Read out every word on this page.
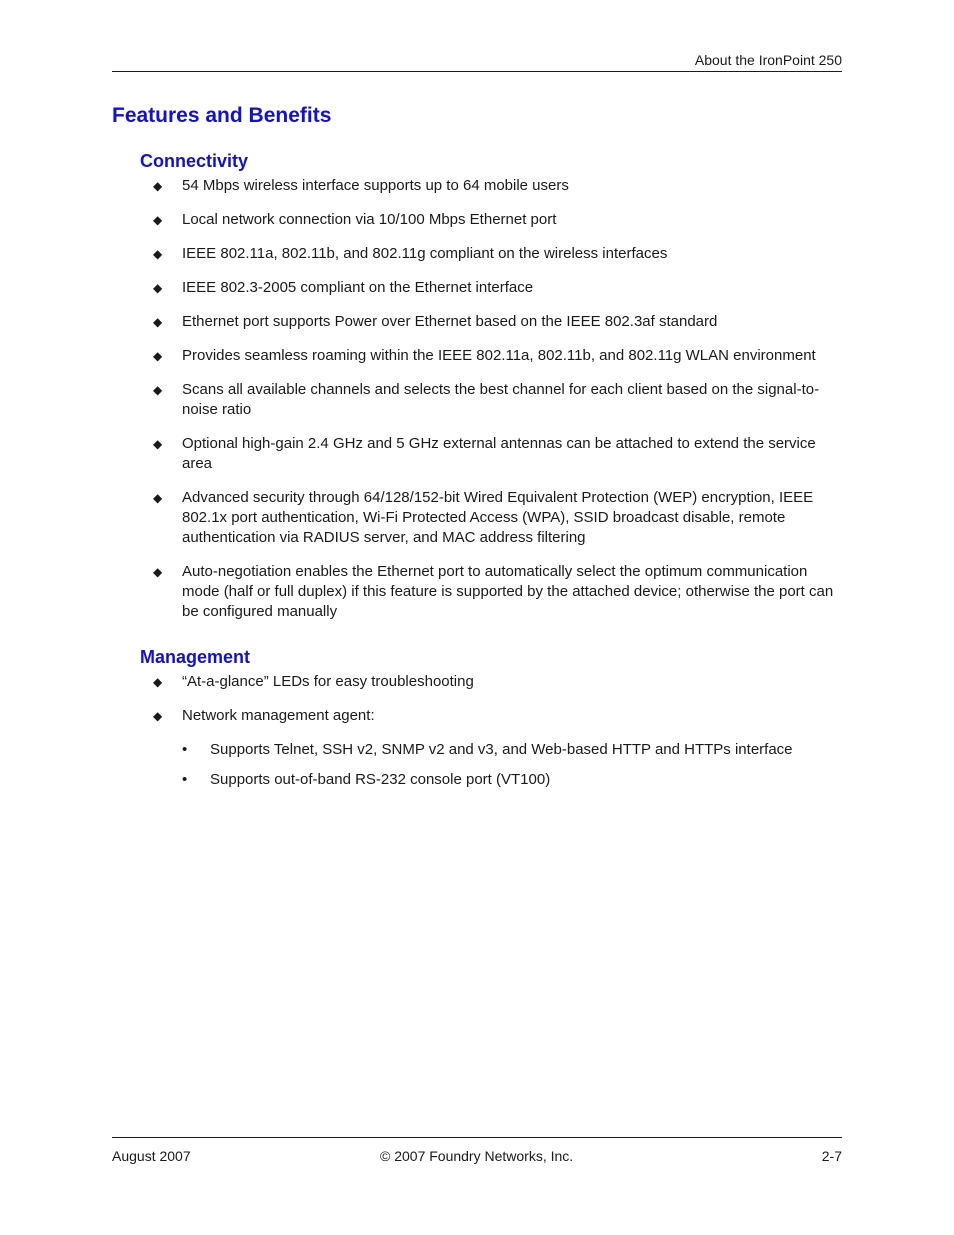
About the IronPoint 250
Features and Benefits
Connectivity
◆ 54 Mbps wireless interface supports up to 64 mobile users
◆ Local network connection via 10/100 Mbps Ethernet port
◆ IEEE 802.11a, 802.11b, and 802.11g compliant on the wireless interfaces
◆ IEEE 802.3-2005 compliant on the Ethernet interface
◆ Ethernet port supports Power over Ethernet based on the IEEE 802.3af standard
◆ Provides seamless roaming within the IEEE 802.11a, 802.11b, and 802.11g WLAN environment
◆ Scans all available channels and selects the best channel for each client based on the signal-to-noise ratio
◆ Optional high-gain 2.4 GHz and 5 GHz external antennas can be attached to extend the service area
◆ Advanced security through 64/128/152-bit Wired Equivalent Protection (WEP) encryption, IEEE 802.1x port authentication, Wi-Fi Protected Access (WPA), SSID broadcast disable, remote authentication via RADIUS server, and MAC address filtering
◆ Auto-negotiation enables the Ethernet port to automatically select the optimum communication mode (half or full duplex) if this feature is supported by the attached device; otherwise the port can be configured manually
Management
◆ “At-a-glance” LEDs for easy troubleshooting
◆ Network management agent:
• Supports Telnet, SSH v2, SNMP v2 and v3, and Web-based HTTP and HTTPs interface
• Supports out-of-band RS-232 console port (VT100)
August 2007	© 2007 Foundry Networks, Inc.	2-7
